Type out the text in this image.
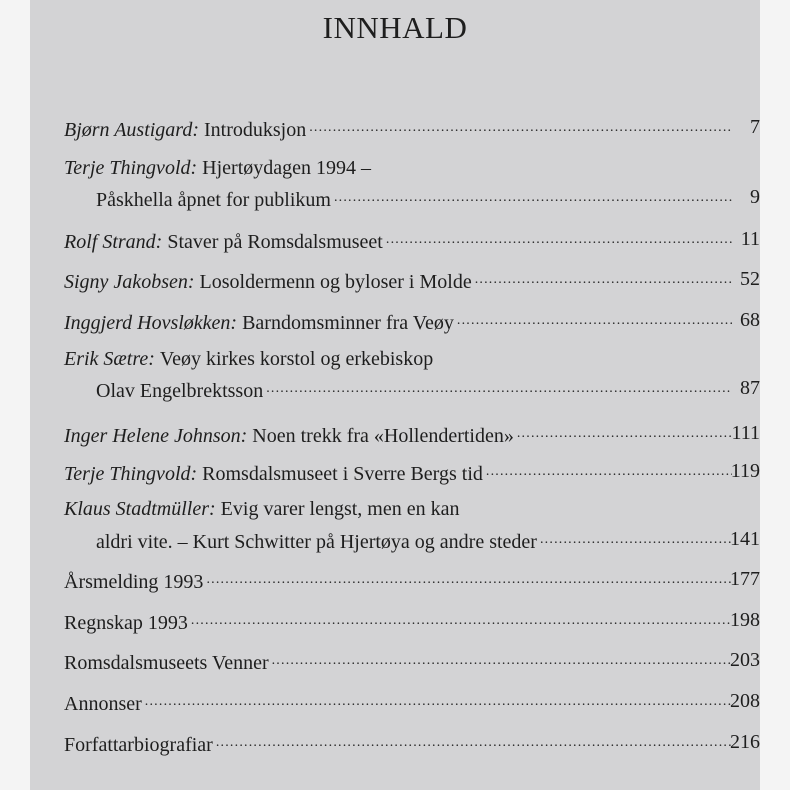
INNHALD
Bjørn Austigard: Introduksjon .....	7
Terje Thingvold: Hjertøydagen 1994 –
Påskhella åpnet for publikum .....	9
Rolf Strand: Staver på Romsdalsmuseet .....	11
Signy Jakobsen: Losoldermenn og byloser i Molde .....	52
Inggjerd Hovsløkken: Barndomsminner fra Veøy .....	68
Erik Sætre: Veøy kirkes korstol og erkebiskop
Olav Engelbrektsson .....	87
Inger Helene Johnson: Noen trekk fra «Hollendertiden» .....	111
Terje Thingvold: Romsdalsmuseet i Sverre Bergs tid .....	119
Klaus Stadtmüller: Evig varer lengst, men en kan
aldri vite. – Kurt Schwitter på Hjertøya og andre steder .....	141
Årsmelding 1993 .....	177
Regnskap 1993 .....	198
Romsdalsmuseets Venner .....	203
Annonser .....	208
Forfattarbiografiar .....	216
